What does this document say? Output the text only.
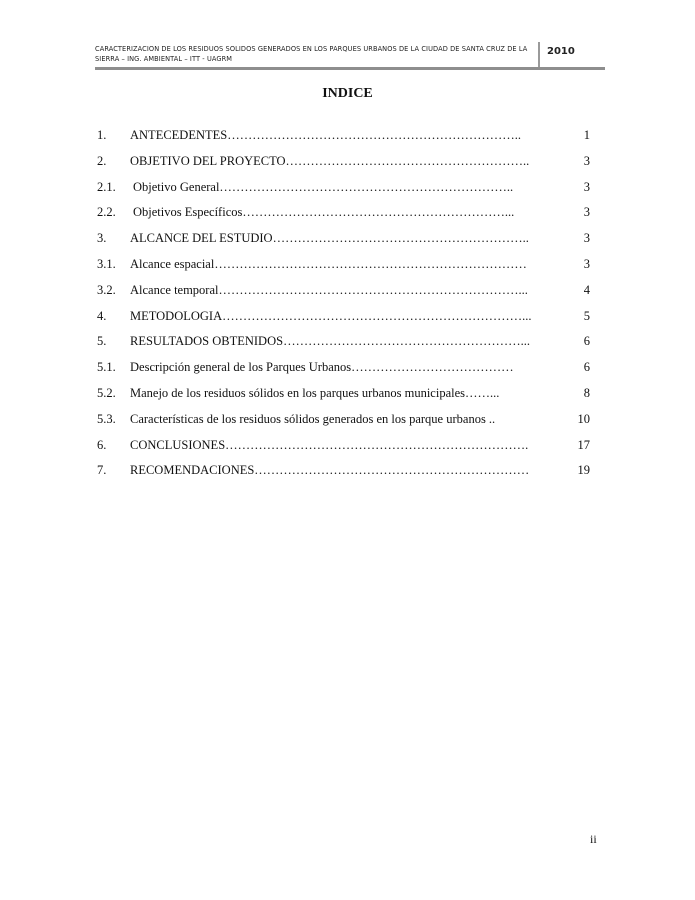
CARACTERIZACION DE LOS RESIDUOS SOLIDOS GENERADOS EN LOS PARQUES URBANOS DE LA CIUDAD DE SANTA CRUZ DE LA SIERRA – ING. AMBIENTAL – ITT - UAGRM
2010
INDICE
1. ANTECEDENTES……………………………………………………………..	1
2. OBJETIVO DEL PROYECTO…………………………………………………..	3
2.1. Objetivo General……………………………………………………………..	3
2.2. Objetivos Específicos………………………………………………………...	3
3. ALCANCE DEL ESTUDIO……………………………………………………..	3
3.1. Alcance espacial…………………………………………………………………	3
3.2. Alcance temporal………………………………………………………………...	4
4. METODOLOGIA………………………………………………………………...	5
5. RESULTADOS OBTENIDOS…………………………………………………...	6
5.1. Descripción general de los Parques Urbanos…………………………………	6
5.2. Manejo de los residuos sólidos en los parques urbanos municipales……...	8
5.3. Características de los residuos sólidos generados en los parque urbanos ..	10
6. CONCLUSIONES……………………………………………………………….	17
7. RECOMENDACIONES…………………………………………………………	19
ii
